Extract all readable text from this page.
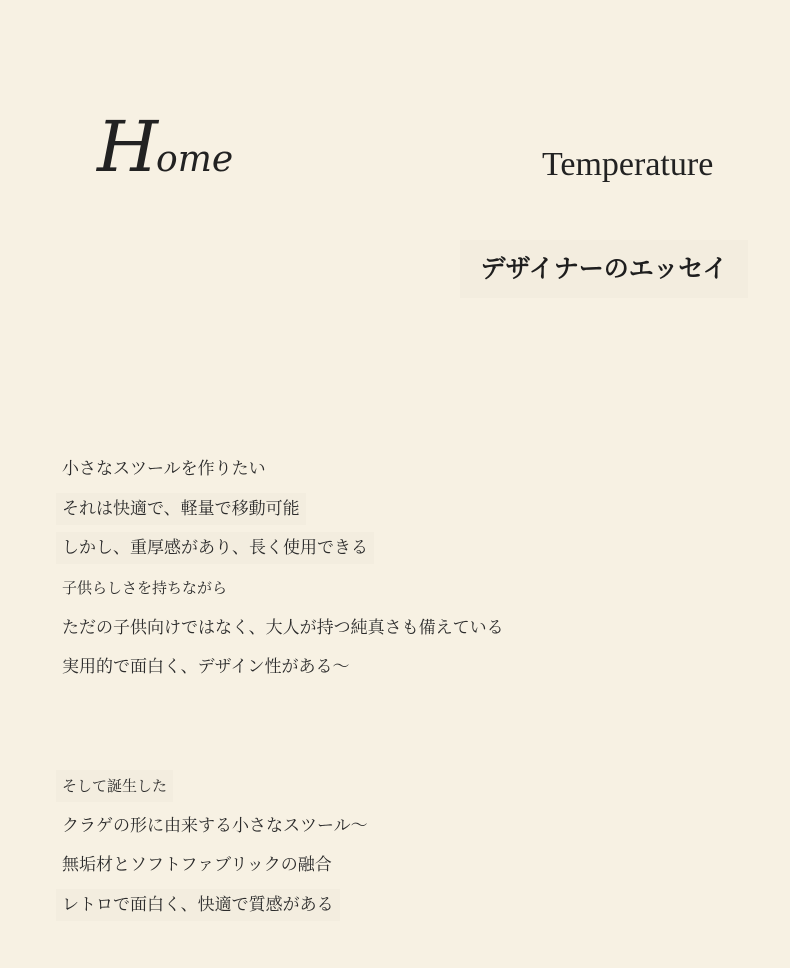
Home	Temperature
デザイナーのエッセイ
小さなスツールを作りたい
それは快適で、軽量で移動可能
しかし、重厚感があり、長く使用できる
子供らしさを持ちながら
ただの子供向けではなく、大人が持つ純真さも備えている
実用的で面白く、デザイン性がある〜
そして誕生した
クラゲの形に由来する小さなスツール〜
無垢材とソフトファブリックの融合
レトロで面白く、快適で質感がある
